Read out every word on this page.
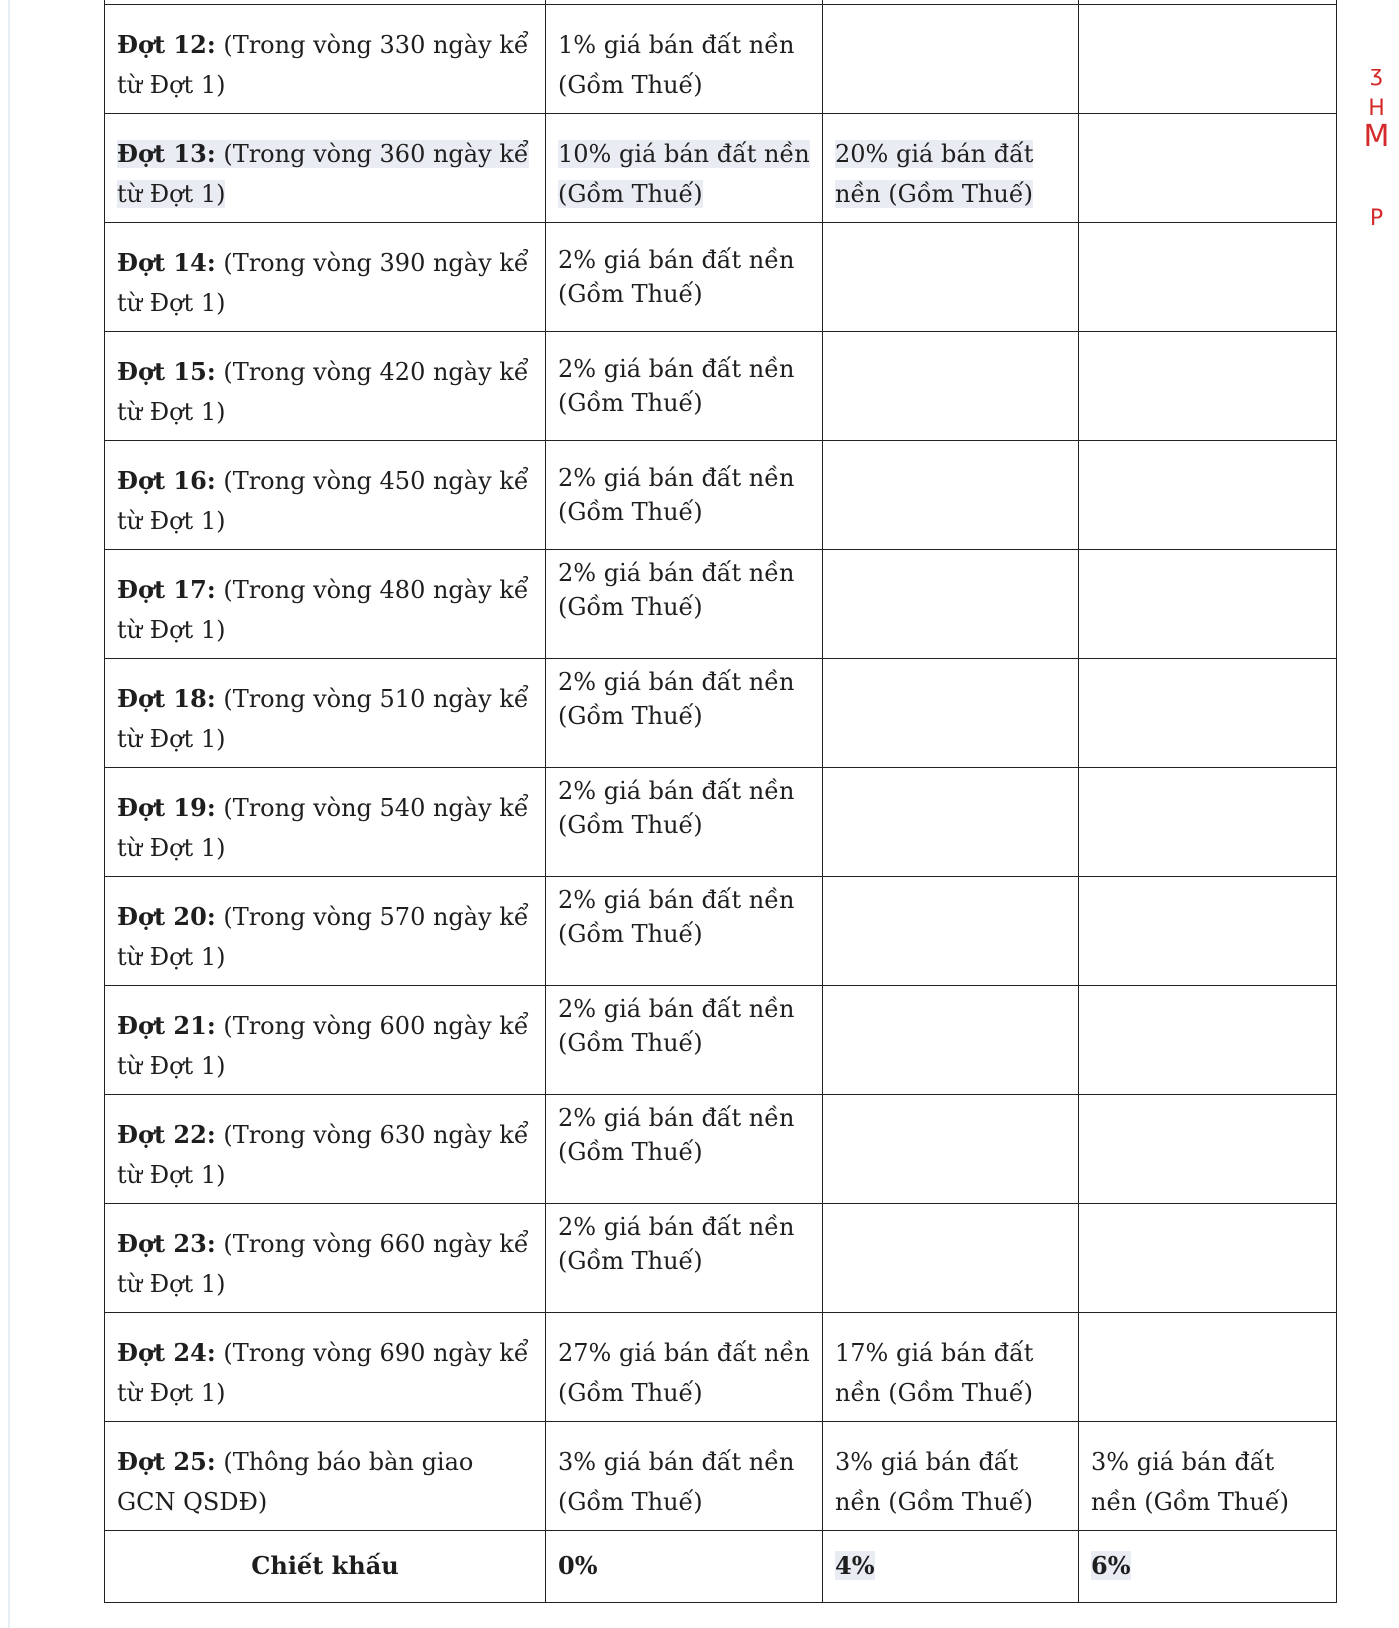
Đợt 12: (Trong vòng 330 ngày kể từ Đợt 1)	1% giá bán đất nền (Gồm Thuế)		

Đợt 13: (Trong vòng 360 ngày kể từ Đợt 1)	10% giá bán đất nền (Gồm Thuế)	20% giá bán đất nền (Gồm Thuế)	

Đợt 14: (Trong vòng 390 ngày kể từ Đợt 1)	2% giá bán đất nền (Gồm Thuế)		

Đợt 15: (Trong vòng 420 ngày kể từ Đợt 1)	2% giá bán đất nền (Gồm Thuế)		

Đợt 16: (Trong vòng 450 ngày kể từ Đợt 1)	2% giá bán đất nền (Gồm Thuế)		

Đợt 17: (Trong vòng 480 ngày kể từ Đợt 1)	2% giá bán đất nền (Gồm Thuế)		

Đợt 18: (Trong vòng 510 ngày kể từ Đợt 1)	2% giá bán đất nền (Gồm Thuế)		

Đợt 19: (Trong vòng 540 ngày kể từ Đợt 1)	2% giá bán đất nền (Gồm Thuế)		

Đợt 20: (Trong vòng 570 ngày kể từ Đợt 1)	2% giá bán đất nền (Gồm Thuế)		

Đợt 21: (Trong vòng 600 ngày kể từ Đợt 1)	2% giá bán đất nền (Gồm Thuế)		

Đợt 22: (Trong vòng 630 ngày kể từ Đợt 1)	2% giá bán đất nền (Gồm Thuế)		

Đợt 23: (Trong vòng 660 ngày kể từ Đợt 1)	2% giá bán đất nền (Gồm Thuế)		

Đợt 24: (Trong vòng 690 ngày kể từ Đợt 1)	27% giá bán đất nền (Gồm Thuế)	17% giá bán đất nền (Gồm Thuế)	

Đợt 25: (Thông báo bàn giao GCN QSDĐ)	3% giá bán đất nền (Gồm Thuế)	3% giá bán đất nền (Gồm Thuế)	3% giá bán đất nền (Gồm Thuế)

Chiết khấu	0%	4%	6%
ʒ
H
M
P
